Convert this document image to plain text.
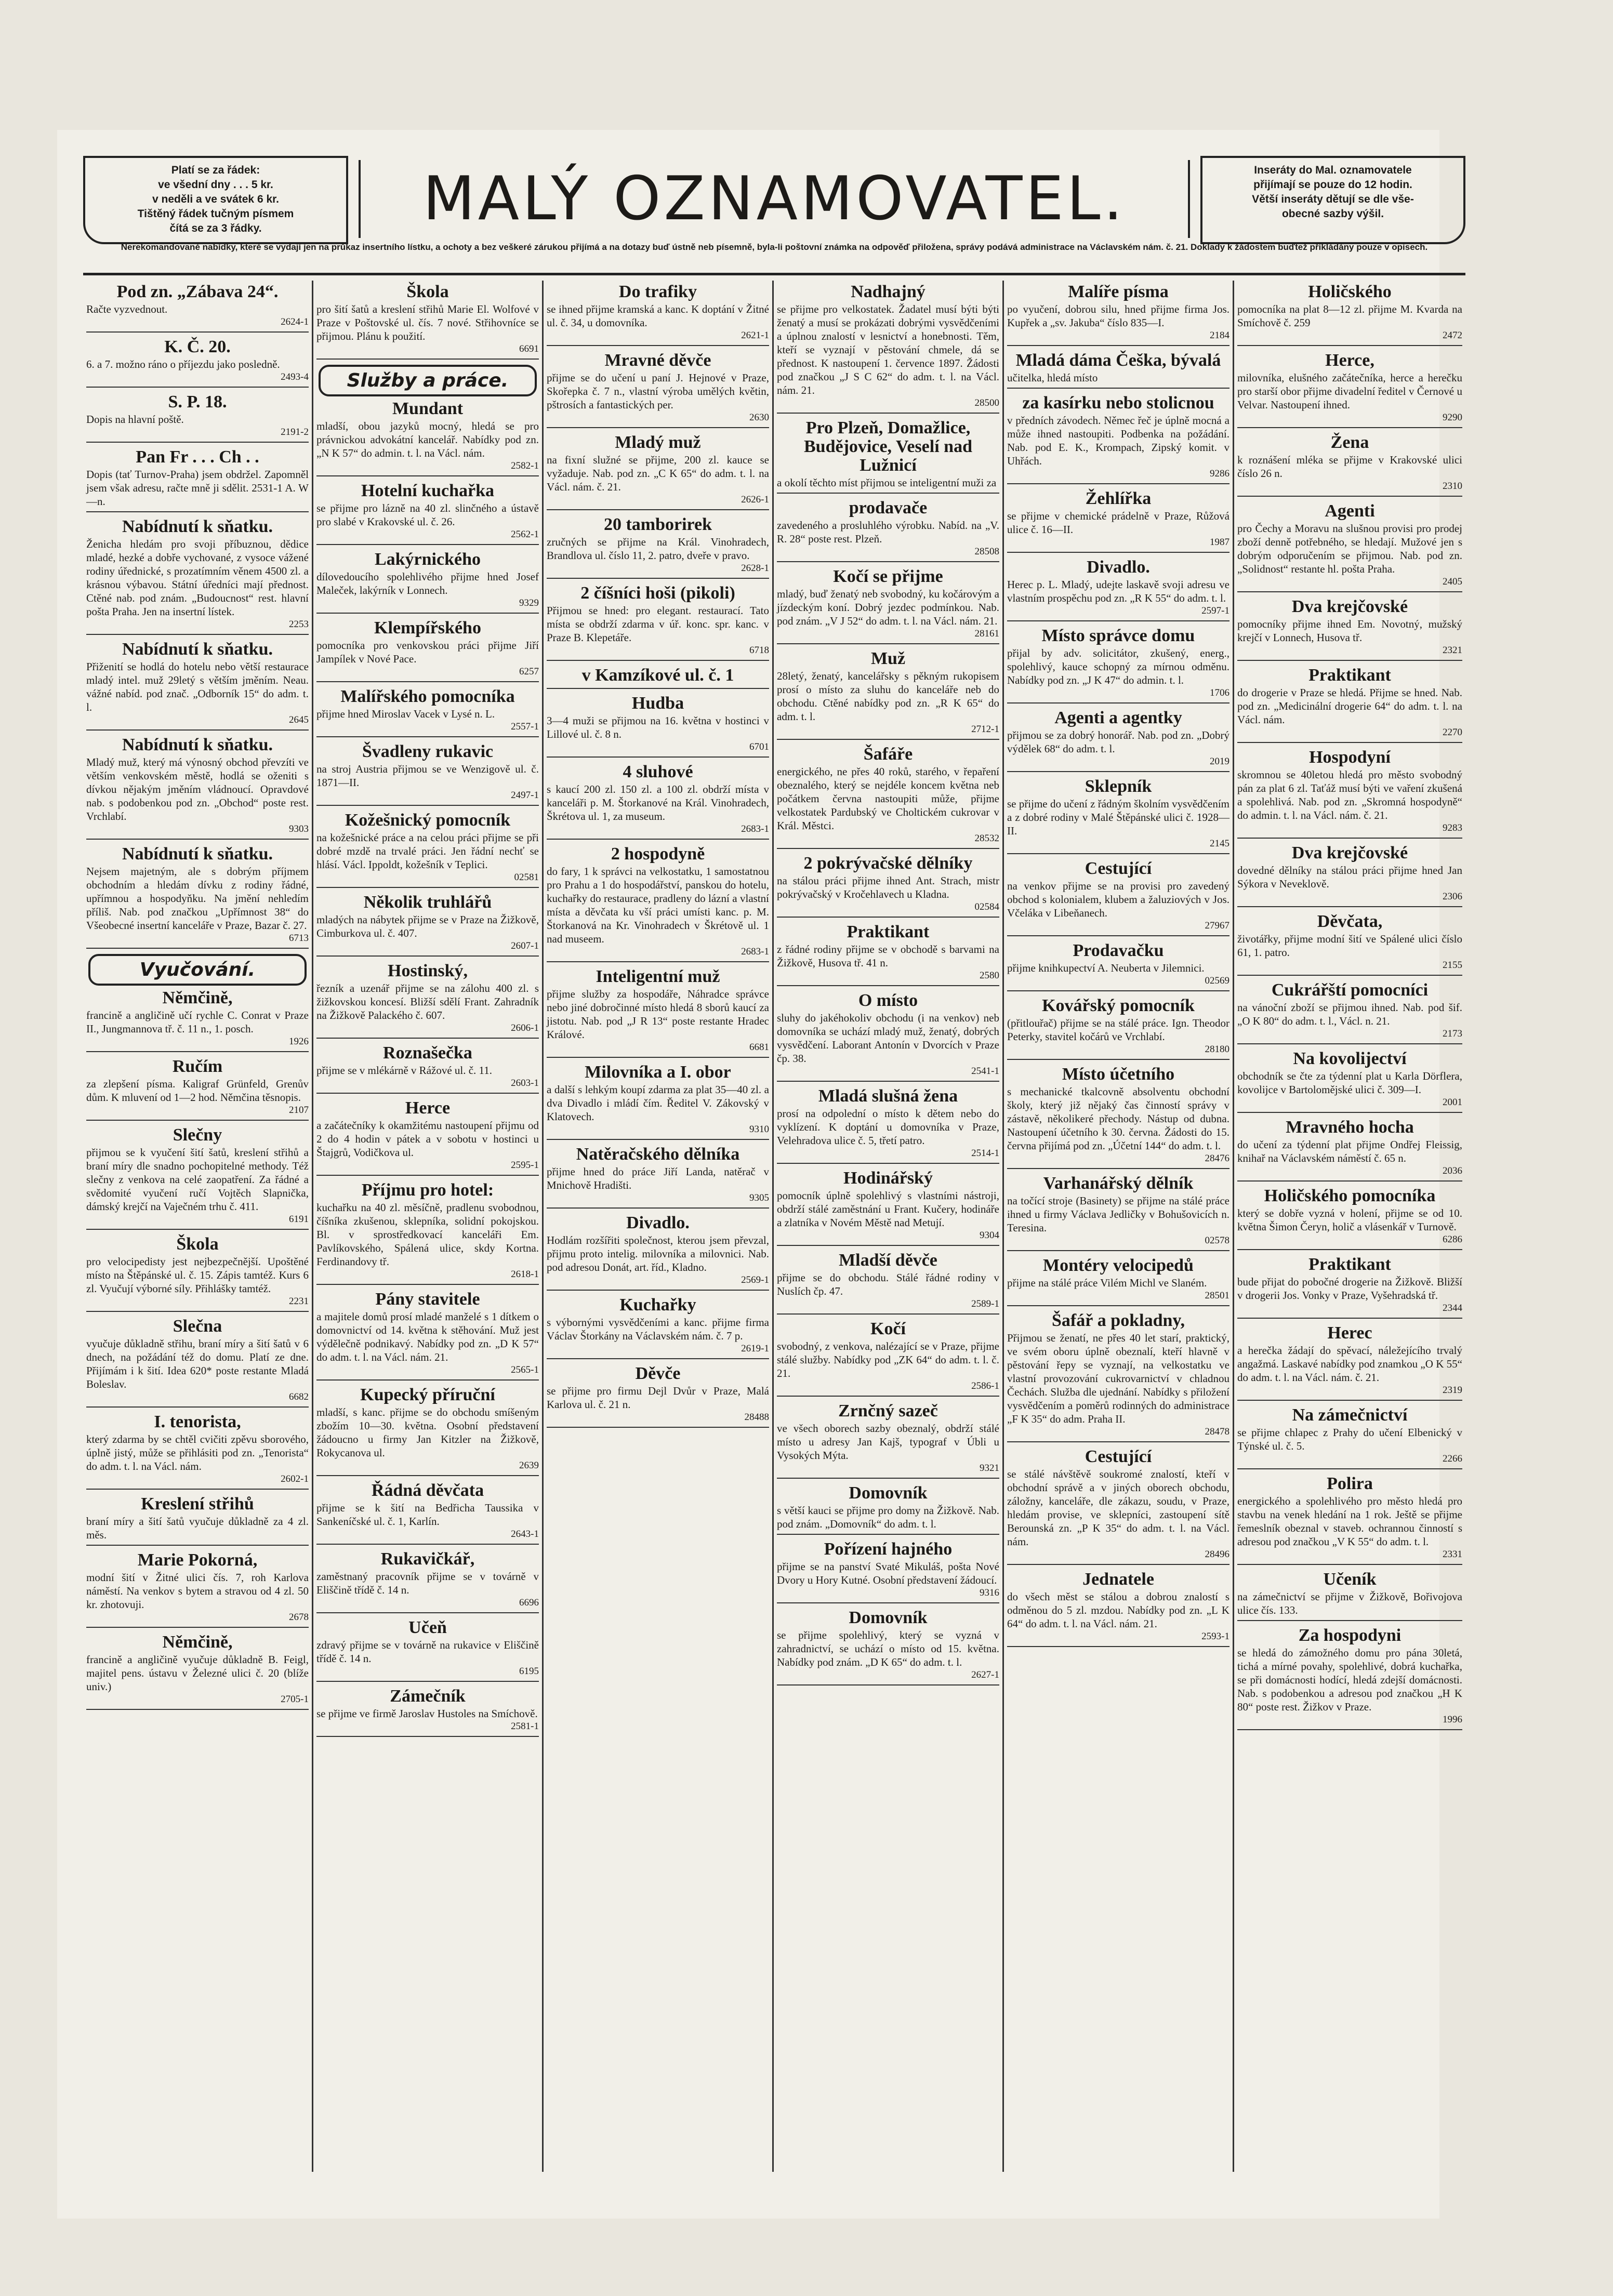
Platí se za řádek:
ve všední dny . . . 5 kr.
v neděli a ve svátek 6 kr.
Tištěný řádek tučným písmem
čítá se za 3 řádky.	MALÝ OZNAMOVATEL.	Inseráty do Mal. oznamovatele
přijímají se pouze do 12 hodin.
Větší inseráty dětují se dle vše-
obecné sazby výšil.
Nerekomandované nabídky, které se vydají jen na průkaz insertního lístku, a ochoty a bez veškeré zárukou přijímá a na dotazy buď ústně neb písemně, byla-li poštovní známka na odpověď přiložena, správy podává administrace na Václavském nám. č. 21. Doklady k žádostem buďtež přikládány pouze v opisech.
Pod zn. „Zábava 24“.
Račte vyzvednout.
2624-1
K. Č. 20.
6. a 7. možno ráno o příjezdu jako posledně.
2493-4
S. P. 18.
Dopis na hlavní poště.
2191-2
Pan Fr . . . Ch . .
Dopis (tať Turnov-Praha) jsem obdržel. Zapomněl jsem však adresu, račte mně ji sdělit. 2531-1 A. W—n.
Nabídnutí k sňatku.
Ženicha hledám pro svoji příbuznou, dědice mladé, hezké a dobře vychované, z vysoce vážené rodiny úřednické, s prozatímním věnem 4500 zl. a krásnou výbavou. Státní úředníci mají přednost. Ctěné nab. pod znám. „Budoucnost“ rest. hlavní pošta Praha. Jen na insertní lístek.
2253
Nabídnutí k sňatku.
Přiženití se hodlá do hotelu nebo větší restaurace mladý intel. muž 29letý s větším jměním. Neau. vážné nabíd. pod znač. „Odborník 15“ do adm. t. l.
2645
Nabídnutí k sňatku.
Mladý muž, který má výnosný obchod převzíti ve větším venkovském městě, hodlá se oženiti s dívkou nějakým jměním vládnoucí. Opravdové nab. s podobenkou pod zn. „Obchod“ poste rest. Vrchlabí.
9303
Nabídnutí k sňatku.
Nejsem majetným, ale s dobrým příjmem obchodním a hledám dívku z rodiny řádné, upřímnou a hospodyňku. Na jmění nehledím příliš. Nab. pod značkou „Upřímnost 38“ do Všeobecné insertní kanceláře v Praze, Bazar č. 27.
6713
Vyučování.
Němčině,
francině a angličině učí rychle C. Conrat v Praze II., Jungmannova tř. č. 11 n., 1. posch.
1926
Ručím
za zlepšení písma. Kaligraf Grünfeld, Grenův dům. K mluvení od 1—2 hod. Němčina těsnopis.
2107
Slečny
přijmou se k vyučení šití šatů, kreslení střihů a braní míry dle snadno pochopitelné methody. Též slečny z venkova na celé zaopatření. Za řádné a svědomité vyučení ručí Vojtěch Slapnička, dámský krejčí na Vaječném trhu č. 411.
6191
Škola
pro velocipedisty jest nejbezpečnější. Upoštěné místo na Štěpánské ul. č. 15. Zápis tamtéž. Kurs 6 zl. Vyučují výborné síly. Přihlášky tamtéž.
2231
Slečna
vyučuje důkladně střihu, braní míry a šití šatů v 6 dnech, na požádání též do domu. Platí ze dne. Přijímám i k šití. Idea 620* poste restante Mladá Boleslav.
6682
I. tenorista,
který zdarma by se chtěl cvičiti zpěvu sborového, úplně jistý, může se přihlásiti pod zn. „Tenorista“ do adm. t. l. na Václ. nám.
2602-1
Kreslení střihů
braní míry a šití šatů vyučuje důkladně za 4 zl. měs.
Marie Pokorná,
modní šití v Žitné ulici čís. 7, roh Karlova náměstí. Na venkov s bytem a stravou od 4 zl. 50 kr. zhotovuji.
2678
Němčině,
francině a angličině vyučuje důkladně B. Feigl, majitel pens. ústavu v Železné ulici č. 20 (blíže univ.)
2705-1
Škola
pro šití šatů a kreslení střihů Marie El. Wolfové v Praze v Poštovské ul. čís. 7 nové. Střihovníce se přijmou. Plánu k použití.
6691
Služby a práce.
Mundant
mladší, obou jazyků mocný, hledá se pro právnickou advokátní kancelář. Nabídky pod zn. „N K 57“ do admin. t. l. na Václ. nám.
2582-1
Hotelní kuchařka
se přijme pro lázně na 40 zl. slinčného a ústavě pro slabé v Krakovské ul. č. 26.
2562-1
Lakýrnického
dílovedoucího spolehlivého přijme hned Josef Maleček, lakýrník v Lonnech.
9329
Klempířského
pomocníka pro venkovskou práci přijme Jiří Jampílek v Nové Pace.
6257
Malířského pomocníka
přijme hned Miroslav Vacek v Lysé n. L.
2557-1
Švadleny rukavic
na stroj Austria přijmou se ve Wenzigově ul. č. 1871—II.
2497-1
Kožešnický pomocník
na kožešnické práce a na celou práci přijme se při dobré mzdě na trvalé práci. Jen řádní nechť se hlásí. Václ. Ippoldt, kožešník v Teplici.
02581
Několik truhlářů
mladých na nábytek přijme se v Praze na Žižkově, Cimburkova ul. č. 407.
2607-1
Hostinský,
řezník a uzenář přijme se na zálohu 400 zl. s žižkovskou koncesí. Bližší sdělí Frant. Zahradník na Žižkově Palackého č. 607.
2606-1
Roznašečka
přijme se v mlékárně v Rážové ul. č. 11.
2603-1
Herce
a začátečníky k okamžitému nastoupení přijmu od 2 do 4 hodin v pátek a v sobotu v hostinci u Štajgrů, Vodičkova ul.
2595-1
Příjmu pro hotel:
kuchařku na 40 zl. měsíčně, pradlenu svobodnou, číšníka zkušenou, sklepníka, solidní pokojskou. Bl. v sprostředkovací kanceláři Em. Pavlíkovského, Spálená ulice, skdy Kortna. Ferdinandovy tř.
2618-1
Pány stavitele
a majitele domů prosí mladé manželé s 1 dítkem o domovnictví od 14. května k stěhování. Muž jest výdělečně podnikavý. Nabídky pod zn. „D K 57“ do adm. t. l. na Václ. nám. 21.
2565-1
Kupecký příruční
mladší, s kanc. přijme se do obchodu smíšeným zbožím 10—30. května. Osobní představení žádoucno u firmy Jan Kitzler na Žižkově, Rokycanova ul.
2639
Řádná děvčata
přijme se k šití na Bedřicha Taussika v Sankeníčské ul. č. 1, Karlín.
2643-1
Rukavičkář,
zaměstnaný pracovník přijme se v továrně v Eliščině třídě č. 14 n.
6696
Učeň
zdravý přijme se v továrně na rukavice v Eliščině třídě č. 14 n.
6195
Zámečník
se přijme ve firmě Jaroslav Hustoles na Smíchově.
2581-1
Do trafiky
se ihned přijme kramská a kanc. K doptání v Žitné ul. č. 34, u domovníka.
2621-1
Mravné děvče
přijme se do učení u paní J. Hejnové v Praze, Skořepka č. 7 n., vlastní výroba umělých květin, pštrosích a fantastických per.
2630
Mladý muž
na fixní služné se přijme, 200 zl. kauce se vyžaduje. Nab. pod zn. „C K 65“ do adm. t. l. na Václ. nám. č. 21.
2626-1
20 tamborirek
zručných se přijme na Král. Vinohradech, Brandlova ul. číslo 11, 2. patro, dveře v pravo.
2628-1
2 číšníci hoši (pikoli)
Přijmou se hned: pro elegant. restaurací. Tato místa se obdrží zdarma v úř. konc. spr. kanc. v Praze B. Klepetáře.
6718
v Kamzíkové ul. č. 1
Hudba
3—4 muži se přijmou na 16. května v hostinci v Lillové ul. č. 8 n.
6701
4 sluhové
s kaucí 200 zl. 150 zl. a 100 zl. obdrží místa v kanceláři p. M. Štorkanové na Král. Vinohradech, Škrétova ul. 1, za museum.
2683-1
2 hospodyně
do fary, 1 k správci na velkostatku, 1 samostatnou pro Prahu a 1 do hospodářství, panskou do hotelu, kuchařky do restaurace, pradleny do lázní a vlastní místa a děvčata ku vší práci umísti kanc. p. M. Štorkanová na Kr. Vinohradech v Škrétově ul. 1 nad museem.
2683-1
Inteligentní muž
přijme služby za hospodáře, Náhradce správce nebo jiné dobročinné místo hledá 8 sborů kaucí za jistotu. Nab. pod „J R 13“ poste restante Hradec Králové.
6681
Milovníka a I. obor
a další s lehkým koupí zdarma za plat 35—40 zl. a dva Divadlo i mládí čím. Ředitel V. Zákovský v Klatovech.
9310
Natěračského dělníka
přijme hned do práce Jiří Landa, natěrač v Mnichově Hradišti.
9305
Divadlo.
Hodlám rozšířiti společnost, kterou jsem převzal, přijmu proto intelig. milovníka a milovnici. Nab. pod adresou Donát, art. říd., Kladno.
2569-1
Kuchařky
s výbornými vysvědčeními a kanc. přijme firma Václav Štorkány na Václavském nám. č. 7 p.
2619-1
Děvče
se přijme pro firmu Dejl Dvůr v Praze, Malá Karlova ul. č. 21 n.
28488
Nadhajný
se přijme pro velkostatek. Žadatel musí býti býti ženatý a musí se prokázati dobrými vysvědčeními a úplnou znalostí v lesnictví a honebnosti. Těm, kteří se vyznají v pěstování chmele, dá se přednost. K nastoupení 1. července 1897. Žádosti pod značkou „J S C 62“ do adm. t. l. na Václ. nám. 21.
28500
Pro Plzeň, Domažlice, Budějovice, Veselí nad Lužnicí
a okolí těchto míst přijmou se inteligentní muži za
prodavače
zavedeného a prosluhlého výrobku. Nabíd. na „V. R. 28“ poste rest. Plzeň.
28508
Kočí se přijme
mladý, buď ženatý neb svobodný, ku kočárovým a jízdeckým koní. Dobrý jezdec podmínkou. Nab. pod znám. „V J 52“ do adm. t. l. na Václ. nám. 21.
28161
Muž
28letý, ženatý, kancelářsky s pěkným rukopisem prosí o místo za sluhu do kanceláře neb do obchodu. Ctěné nabídky pod zn. „R K 65“ do adm. t. l.
2712-1
Šafáře
energického, ne přes 40 roků, starého, v řepaření obeznalého, který se nejdéle koncem května neb počátkem června nastoupiti může, přijme velkostatek Pardubský ve Choltickém cukrovar v Král. Městci.
28532
2 pokrývačské dělníky
na stálou práci přijme ihned Ant. Strach, mistr pokrývačský v Kročehlavech u Kladna.
02584
Praktikant
z řádné rodiny přijme se v obchodě s barvami na Žižkově, Husova tř. 41 n.
2580
O místo
sluhy do jakéhokoliv obchodu (i na venkov) neb domovníka se uchází mladý muž, ženatý, dobrých vysvědčení. Laborant Antonín v Dvorcích v Praze čp. 38.
2541-1
Mladá slušná žena
prosí na odpolední o místo k dětem nebo do vyklízení. K doptání u domovníka v Praze, Velehradova ulice č. 5, třetí patro.
2514-1
Hodinářský
pomocník úplně spolehlivý s vlastními nástroji, obdrží stálé zaměstnání u Frant. Kučery, hodináře a zlatníka v Novém Městě nad Metují.
9304
Mladší děvče
přijme se do obchodu. Stálé řádné rodiny v Nuslích čp. 47.
2589-1
Kočí
svobodný, z venkova, nalézající se v Praze, přijme stálé služby. Nabídky pod „ZK 64“ do adm. t. l. č. 21.
2586-1
Zrnčný sazeč
ve všech oborech sazby obeznalý, obdrží stálé místo u adresy Jan Kajš, typograf v Úbli u Vysokých Mýta.
9321
Domovník
s větší kauci se přijme pro domy na Žižkově. Nab. pod znám. „Domovník“ do adm. t. l.
Pořízení hajného
přijme se na panství Svaté Mikuláš, pošta Nové Dvory u Hory Kutné. Osobní představení žádoucí.
9316
Domovník
se přijme spolehlivý, který se vyzná v zahradnictví, se uchází o místo od 15. května. Nabídky pod znám. „D K 65“ do adm. t. l.
2627-1
Malíře písma
po vyučení, dobrou silu, hned přijme firma Jos. Kupřek a „sv. Jakuba“ číslo 835—I.
2184
Mladá dáma Češka, bývalá
učitelka, hledá místo
za kasírku nebo stolicnou
v předních závodech. Němec řeč je úplně mocná a může ihned nastoupiti. Podbenka na požádání. Nab. pod E. K., Krompach, Zipský komit. v Uhřách.
9286
Žehlířka
se přijme v chemické prádelně v Praze, Růžová ulice č. 16—II.
1987
Divadlo.
Herec p. L. Mladý, udejte laskavě svoji adresu ve vlastním prospěchu pod zn. „R K 55“ do adm. t. l.
2597-1
Místo správce domu
přijal by adv. solicitátor, zkušený, energ., spolehlivý, kauce schopný za mírnou odměnu. Nabídky pod zn. „J K 47“ do admin. t. l.
1706
Agenti a agentky
přijmou se za dobrý honorář. Nab. pod zn. „Dobrý výdělek 68“ do adm. t. l.
2019
Sklepník
se přijme do učení z řádným školním vysvědčením a z dobré rodiny v Malé Štěpánské ulici č. 1928—II.
2145
Cestující
na venkov přijme se na provisi pro zavedený obchod s kolonialem, klubem a žaluziových v Jos. Včeláka v Libeňanech.
27967
Prodavačku
přijme knihkupectví A. Neuberta v Jilemnici.
02569
Kovářský pomocník
(přitlouřač) přijme se na stálé práce. Ign. Theodor Peterky, stavitel kočárů ve Vrchlabí.
28180
Místo účetního
s mechanické tkalcovně absolventu obchodní školy, který již nějaký čas činností správy v zástavě, několikeré přechody. Nástup od dubna. Nastoupení účetního k 30. června. Žádosti do 15. června přijímá pod zn. „Účetní 144“ do adm. t. l.
28476
Varhanářský dělník
na točící stroje (Basinety) se přijme na stálé práce ihned u firmy Václava Jedličky v Bohušovicích n. Teresina.
02578
Montéry velocipedů
přijme na stálé práce Vilém Michl ve Slaném.
28501
Šafář a pokladny,
Přijmou se ženatí, ne přes 40 let starí, praktický, ve svém oboru úplně obeznalí, kteří hlavně v pěstování řepy se vyznají, na velkostatku ve vlastní provozování cukrovarnictví v chladnou Čechách. Služba dle ujednání. Nabídky s přiložení vysvědčením a poměrů rodinných do administrace „F K 35“ do adm. Praha II.
28478
Cestující
se stálé návštěvě soukromé znalostí, kteří v obchodní správě a v jiných oborech obchodu, záložny, kanceláře, dle zákazu, soudu, v Praze, hledám provise, ve sklepníci, zastoupení sítě Berounská zn. „P K 35“ do adm. t. l. na Václ. nám.
28496
Jednatele
do všech měst se stálou a dobrou znalostí s odměnou do 5 zl. mzdou. Nabídky pod zn. „L K 64“ do adm. t. l. na Václ. nám. 21.
2593-1
Holičského
pomocníka na plat 8—12 zl. přijme M. Kvarda na Smíchově č. 259
2472
Herce,
milovníka, elušného začátečníka, herce a herečku pro starší obor přijme divadelní ředitel v Černové u Velvar. Nastoupení ihned.
9290
Žena
k roznášení mléka se přijme v Krakovské ulici číslo 26 n.
2310
Agenti
pro Čechy a Moravu na slušnou provisi pro prodej zboží denně potřebného, se hledají. Mužové jen s dobrým odporučením se přijmou. Nab. pod zn. „Solidnost“ restante hl. pošta Praha.
2405
Dva krejčovské
pomocníky přijme ihned Em. Novotný, mužský krejčí v Lonnech, Husova tř.
2321
Praktikant
do drogerie v Praze se hledá. Přijme se hned. Nab. pod zn. „Medicinální drogerie 64“ do adm. t. l. na Václ. nám.
2270
Hospodyní
skromnou se 40letou hledá pro město svobodný pán za plat 6 zl. Taťáž musí býti ve vaření zkušená a spolehlivá. Nab. pod zn. „Skromná hospodyně“ do admin. t. l. na Václ. nám. č. 21.
9283
Dva krejčovské
dovedné dělníky na stálou práci přijme hned Jan Sýkora v Neveklově.
2306
Děvčata,
životářky, přijme modní šití ve Spálené ulici číslo 61, 1. patro.
2155
Cukrářští pomocníci
na vánoční zboží se přijmou ihned. Nab. pod šif. „O K 80“ do adm. t. l., Václ. n. 21.
2173
Na kovolijectví
obchodník se čte za týdenní plat u Karla Dörflera, kovolijce v Bartolomějské ulici č. 309—I.
2001
Mravného hocha
do učení za týdenní plat přijme Ondřej Fleissig, knihař na Václavském náměstí č. 65 n.
2036
Holičského pomocníka
který se dobře vyzná v holení, přijme se od 10. května Šimon Čeryn, holič a vlásenkář v Turnově.
6286
Praktikant
bude přijat do pobočné drogerie na Žižkově. Bližší v drogerii Jos. Vonky v Praze, Vyšehradská tř.
2344
Herec
a herečka žádají do spěvací, náležejícího trvalý angažmá. Laskavé nabídky pod znamkou „O K 55“ do adm. t. l. na Václ. nám. č. 21.
2319
Na zámečnictví
se přijme chlapec z Prahy do učení Elbenický v Týnské ul. č. 5.
2266
Polira
energického a spolehlivého pro město hledá pro stavbu na venek hledání na 1 rok. Ještě se přijme řemeslník obeznal v staveb. ochrannou činností s adresou pod značkou „V K 55“ do adm. t. l.
2331
Učeník
na zámečnictví se přijme v Žižkově, Bořivojova ulice čís. 133.
Za hospodyni
se hledá do zámožného domu pro pána 30letá, tichá a mírné povahy, spolehlivé, dobrá kuchařka, se při domácnosti hodící, hledá zdejší domácnosti. Nab. s podobenkou a adresou pod značkou „H K 80“ poste rest. Žižkov v Praze.
1996
